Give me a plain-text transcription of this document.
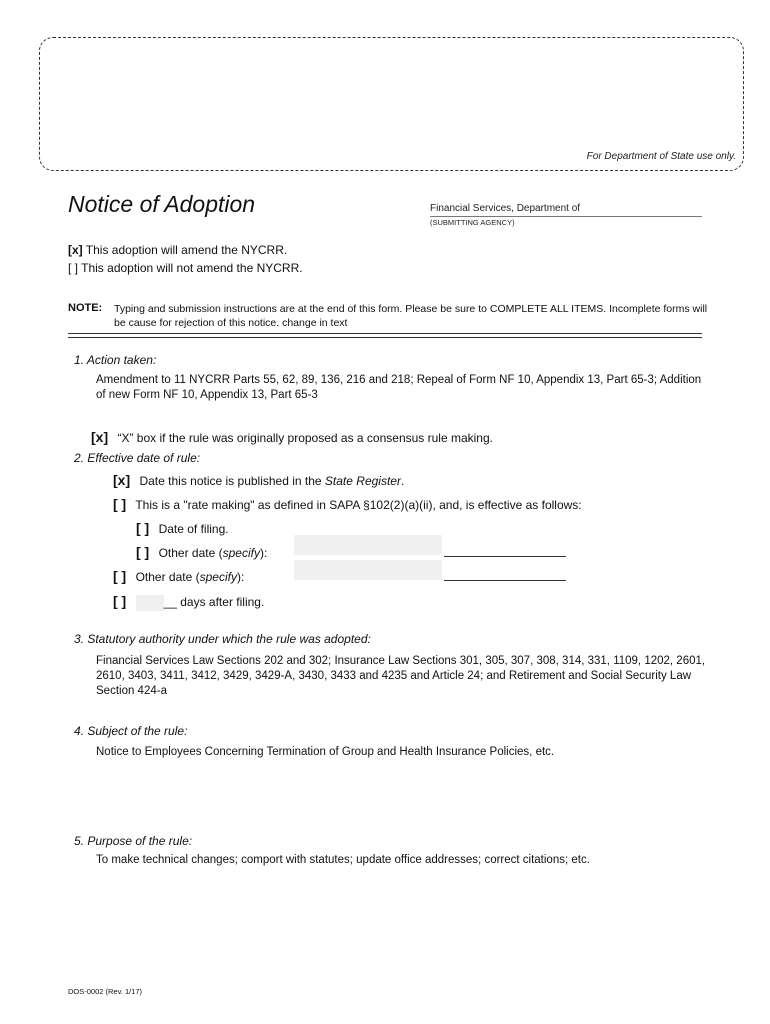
For Department of State use only.
Notice of Adoption	Financial Services, Department of
(SUBMITTING AGENCY)
[x] This adoption will amend the NYCRR.
[ ] This adoption will not amend the NYCRR.
NOTE: Typing and submission instructions are at the end of this form. Please be sure to COMPLETE ALL ITEMS. Incomplete forms will be cause for rejection of this notice. change in text
1. Action taken:
Amendment to 11 NYCRR Parts 55, 62, 89, 136, 216 and 218; Repeal of Form NF 10, Appendix 13, Part 65-3; Addition of new Form NF 10, Appendix 13, Part 65-3
[x] “X” box if the rule was originally proposed as a consensus rule making.
2. Effective date of rule:
[x] Date this notice is published in the State Register.
[ ] This is a "rate making" as defined in SAPA §102(2)(a)(ii), and, is effective as follows:
[ ] Date of filing.
[ ] Other date (specify):
[ ] Other date (specify):
[ ]	__ days after filing.
3. Statutory authority under which the rule was adopted:
Financial Services Law Sections 202 and 302; Insurance Law Sections 301, 305, 307, 308, 314, 331, 1109, 1202, 2601, 2610, 3403, 3411, 3412, 3429, 3429-A, 3430, 3433 and 4235 and Article 24; and Retirement and Social Security Law Section 424-a
4. Subject of the rule:
Notice to Employees Concerning Termination of Group and Health Insurance Policies, etc.
5. Purpose of the rule:
To make technical changes; comport with statutes; update office addresses; correct citations; etc.
DOS-0002 (Rev. 1/17)
